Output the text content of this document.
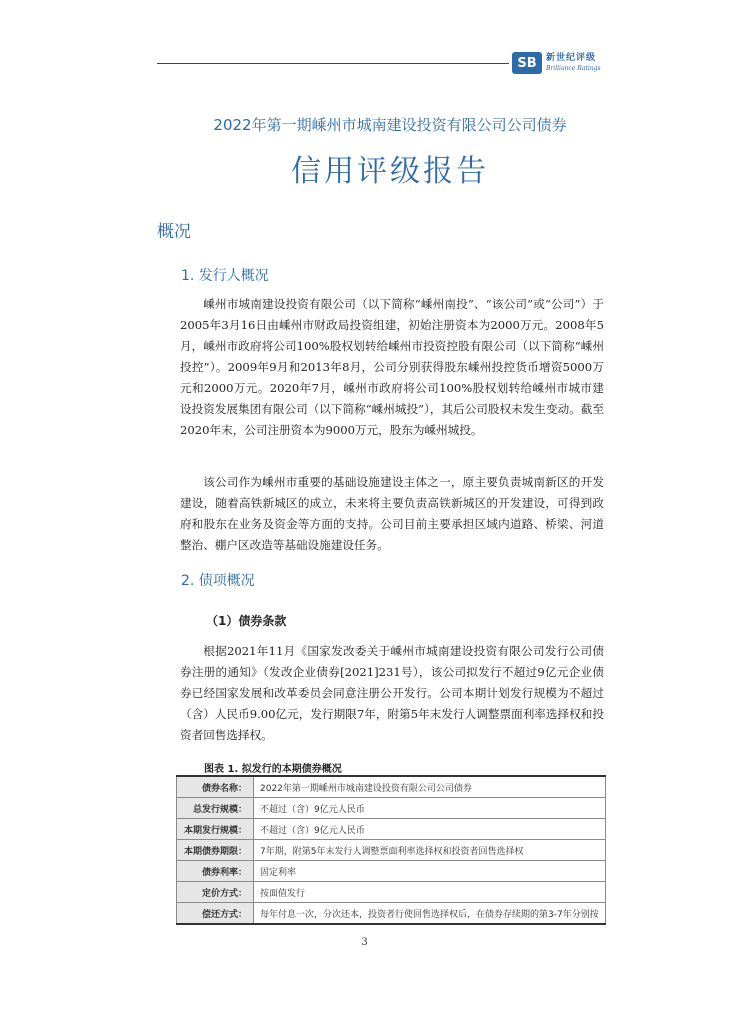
SB	新世纪评级
Brilliance Ratings
2022年第一期嵊州市城南建设投资有限公司公司债券
信用评级报告
概况
1. 发行人概况
嵊州市城南建设投资有限公司（以下简称“嵊州南投”、“该公司”或“公司”）于2005年3月16日由嵊州市财政局投资组建，初始注册资本为2000万元。2008年5月，嵊州市政府将公司100%股权划转给嵊州市投资控股有限公司（以下简称“嵊州投控”）。2009年9月和2013年8月，公司分别获得股东嵊州投控货币增资5000万元和2000万元。2020年7月，嵊州市政府将公司100%股权划转给嵊州市城市建设投资发展集团有限公司（以下简称“嵊州城投”），其后公司股权未发生变动。截至2020年末，公司注册资本为9000万元，股东为嵊州城投。
该公司作为嵊州市重要的基础设施建设主体之一，原主要负责城南新区的开发建设，随着高铁新城区的成立，未来将主要负责高铁新城区的开发建设，可得到政府和股东在业务及资金等方面的支持。公司目前主要承担区域内道路、桥梁、河道整治、棚户区改造等基础设施建设任务。
2. 债项概况
（1）债券条款
根据2021年11月《国家发改委关于嵊州市城南建设投资有限公司发行公司债券注册的通知》（发改企业债券[2021]231号），该公司拟发行不超过9亿元企业债券已经国家发展和改革委员会同意注册公开发行。公司本期计划发行规模为不超过（含）人民币9.00亿元，发行期限7年，附第5年末发行人调整票面利率选择权和投资者回售选择权。
图表 1. 拟发行的本期债券概况
债券名称：	2022年第一期嵊州市城南建设投资有限公司公司债券
总发行规模：	不超过（含）9亿元人民币
本期发行规模：	不超过（含）9亿元人民币
本期债券期限：	7年期，附第5年末发行人调整票面利率选择权和投资者回售选择权
债券利率：	固定利率
定价方式：	按面值发行
偿还方式：	每年付息一次，分次还本，投资者行使回售选择权后，在债券存续期的第3-7年分别按
3
